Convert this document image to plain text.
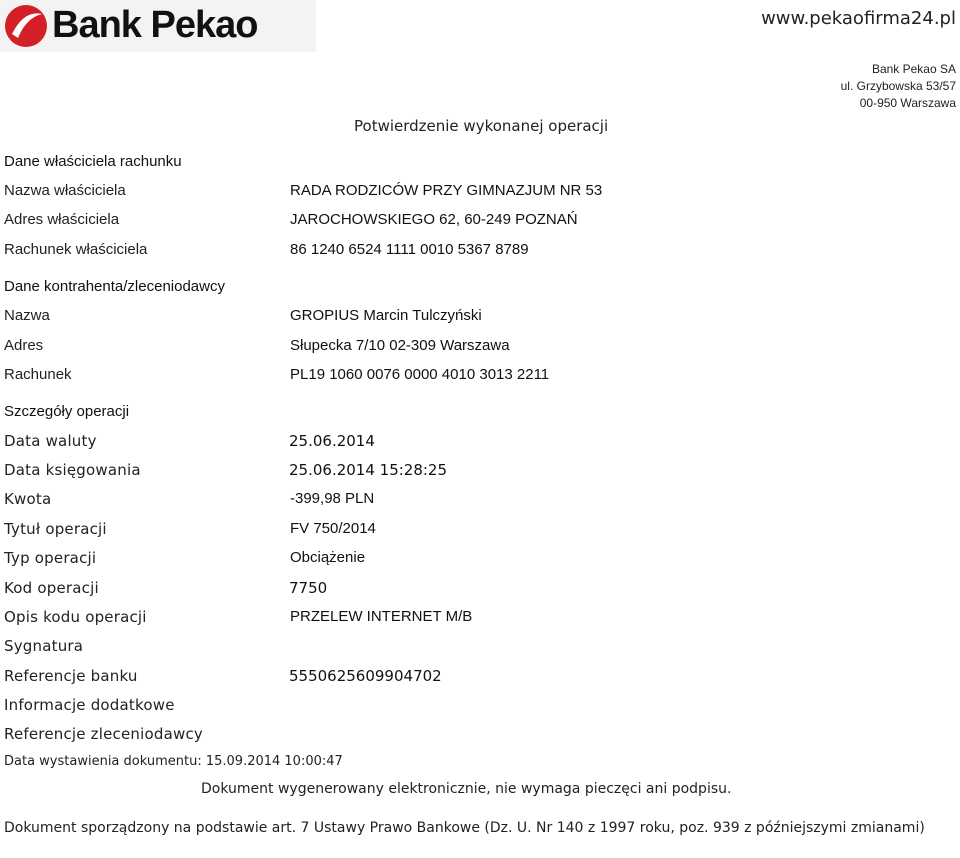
Bank Pekao	www.pekaofirma24.pl
Bank Pekao SA
ul. Grzybowska 53/57
00-950 Warszawa
Potwierdzenie wykonanej operacji
Dane właściciela rachunku
Nazwa właściciela	RADA RODZICÓW PRZY GIMNAZJUM NR 53
Adres właściciela	JAROCHOWSKIEGO 62, 60-249 POZNAŃ
Rachunek właściciela	86 1240 6524 1111 0010 5367 8789
Dane kontrahenta/zleceniodawcy
Nazwa	GROPIUS Marcin Tulczyński
Adres	Słupecka 7/10 02-309 Warszawa
Rachunek	PL19 1060 0076 0000 4010 3013 2211
Szczegóły operacji
Data waluty	25.06.2014
Data księgowania	25.06.2014 15:28:25
Kwota	-399,98 PLN
Tytuł operacji	FV 750/2014
Typ operacji	Obciążenie
Kod operacji	7750
Opis kodu operacji	PRZELEW INTERNET M/B
Sygnatura
Referencje banku	5550625609904702
Informacje dodatkowe
Referencje zleceniodawcy
Data wystawienia dokumentu: 15.09.2014 10:00:47
Dokument wygenerowany elektronicznie, nie wymaga pieczęci ani podpisu.
Dokument sporządzony na podstawie art. 7 Ustawy Prawo Bankowe (Dz. U. Nr 140 z 1997 roku, poz. 939 z późniejszymi zmianami)
